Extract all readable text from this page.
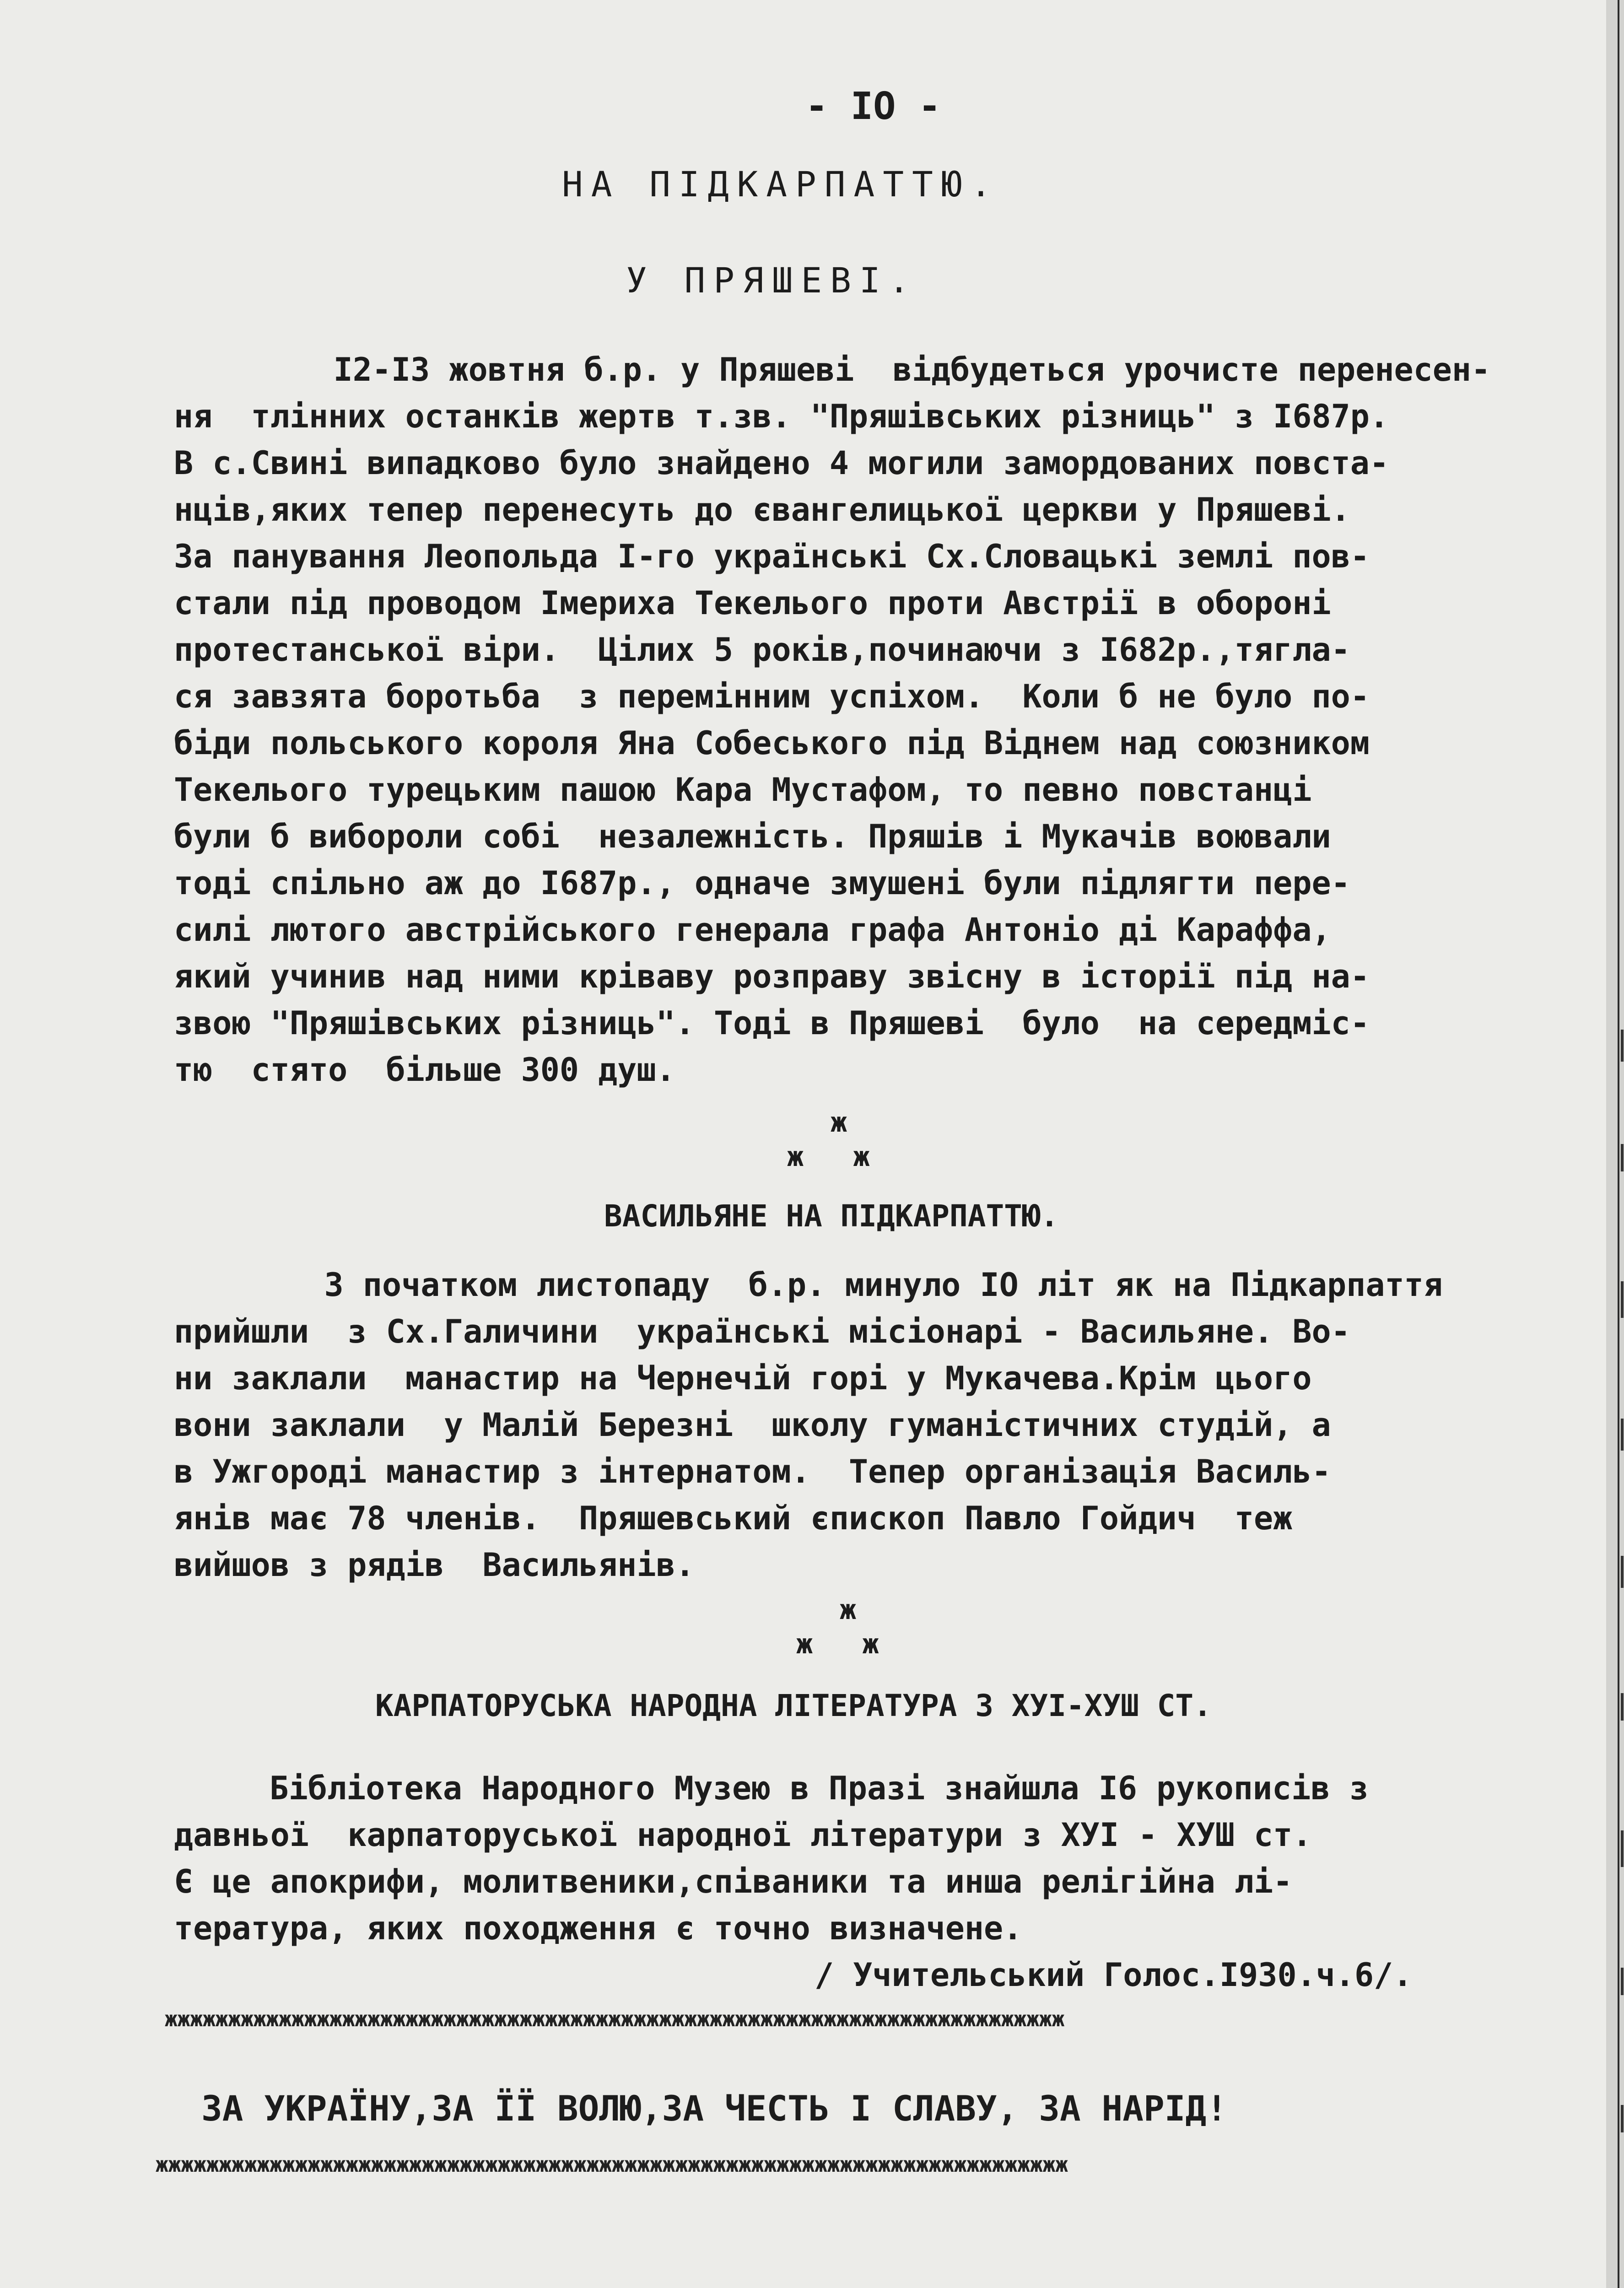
- IO -
НА ПІДКАРПАТТЮ.
У ПРЯШЕВІ.
I2-I3 жовтня б.р. у Пряшеві  відбудеться урочисте перенесен-
ня  тлінних останків жертв т.зв. "Пряшівських різниць" з I687р.
В с.Свині випадково було знайдено 4 могили замордованих повста-
нців,яких тепер перенесуть до євангелицької церкви у Пряшеві.
За панування Леопольда I-го українські Сх.Словацькі землі пов-
стали під проводом Імериха Текелього проти Австрії в обороні
протестанської віри.  Цілих 5 років,починаючи з I682р.,тягла-
ся завзята боротьба  з перемінним успіхом.  Коли б не було по-
біди польського короля Яна Собеського під Віднем над союзником
Текелього турецьким пашою Кара Мустафом, то певно повстанці
були б вибороли собі  незалежність. Пряшів і Мукачів воювали
тоді спільно аж до I687р., одначе змушені були підлягти пере-
силі лютого австрійського генерала графа Антоніо ді Караффа,
який учинив над ними кріваву розправу звісну в історії під на-
звою "Пряшівських різниць". Тоді в Пряшеві  було  на середміс-
тю  стято  більше 300 душ.
ж
ж   ж
ВАСИЛЬЯНЕ НА ПІДКАРПАТТЮ.
З початком листопаду  б.р. минуло IO літ як на Підкарпаття
прийшли  з Сх.Галичини  українські місіонарі - Васильяне. Во-
ни заклали  манастир на Чернечій горі у Мукачева.Крім цього
вони заклали  у Малій Березні  школу гуманістичних студій, а
в Ужгороді манастир з інтернатом.  Тепер організація Василь-
янів має 78 членів.  Пряшевський єпископ Павло Гойдич  теж
вийшов з рядів  Васильянів.
ж
ж   ж
КАРПАТОРУСЬКА НАРОДНА ЛІТЕРАТУРА З ХУІ-ХУШ СТ.
Бібліотека Народного Музею в Празі знайшла I6 рукописів з
давньої  карпаторуської народної літератури з ХУІ - ХУШ ст.
Є це апокрифи, молитвеники,співаники та инша релігійна лі-
тература, яких походження є точно визначене.
/ Учительський Голос.I930.ч.6/.
жжжжжжжжжжжжжжжжжжжжжжжжжжжжжжжжжжжжжжжжжжжжжжжжжжжжжжжжжжжжжжжжжжжжжжж
ЗА УКРАЇНУ,ЗА ЇЇ ВОЛЮ,ЗА ЧЕСТЬ І СЛАВУ, ЗА НАРІД!
жжжжжжжжжжжжжжжжжжжжжжжжжжжжжжжжжжжжжжжжжжжжжжжжжжжжжжжжжжжжжжжжжжжжжжжж
